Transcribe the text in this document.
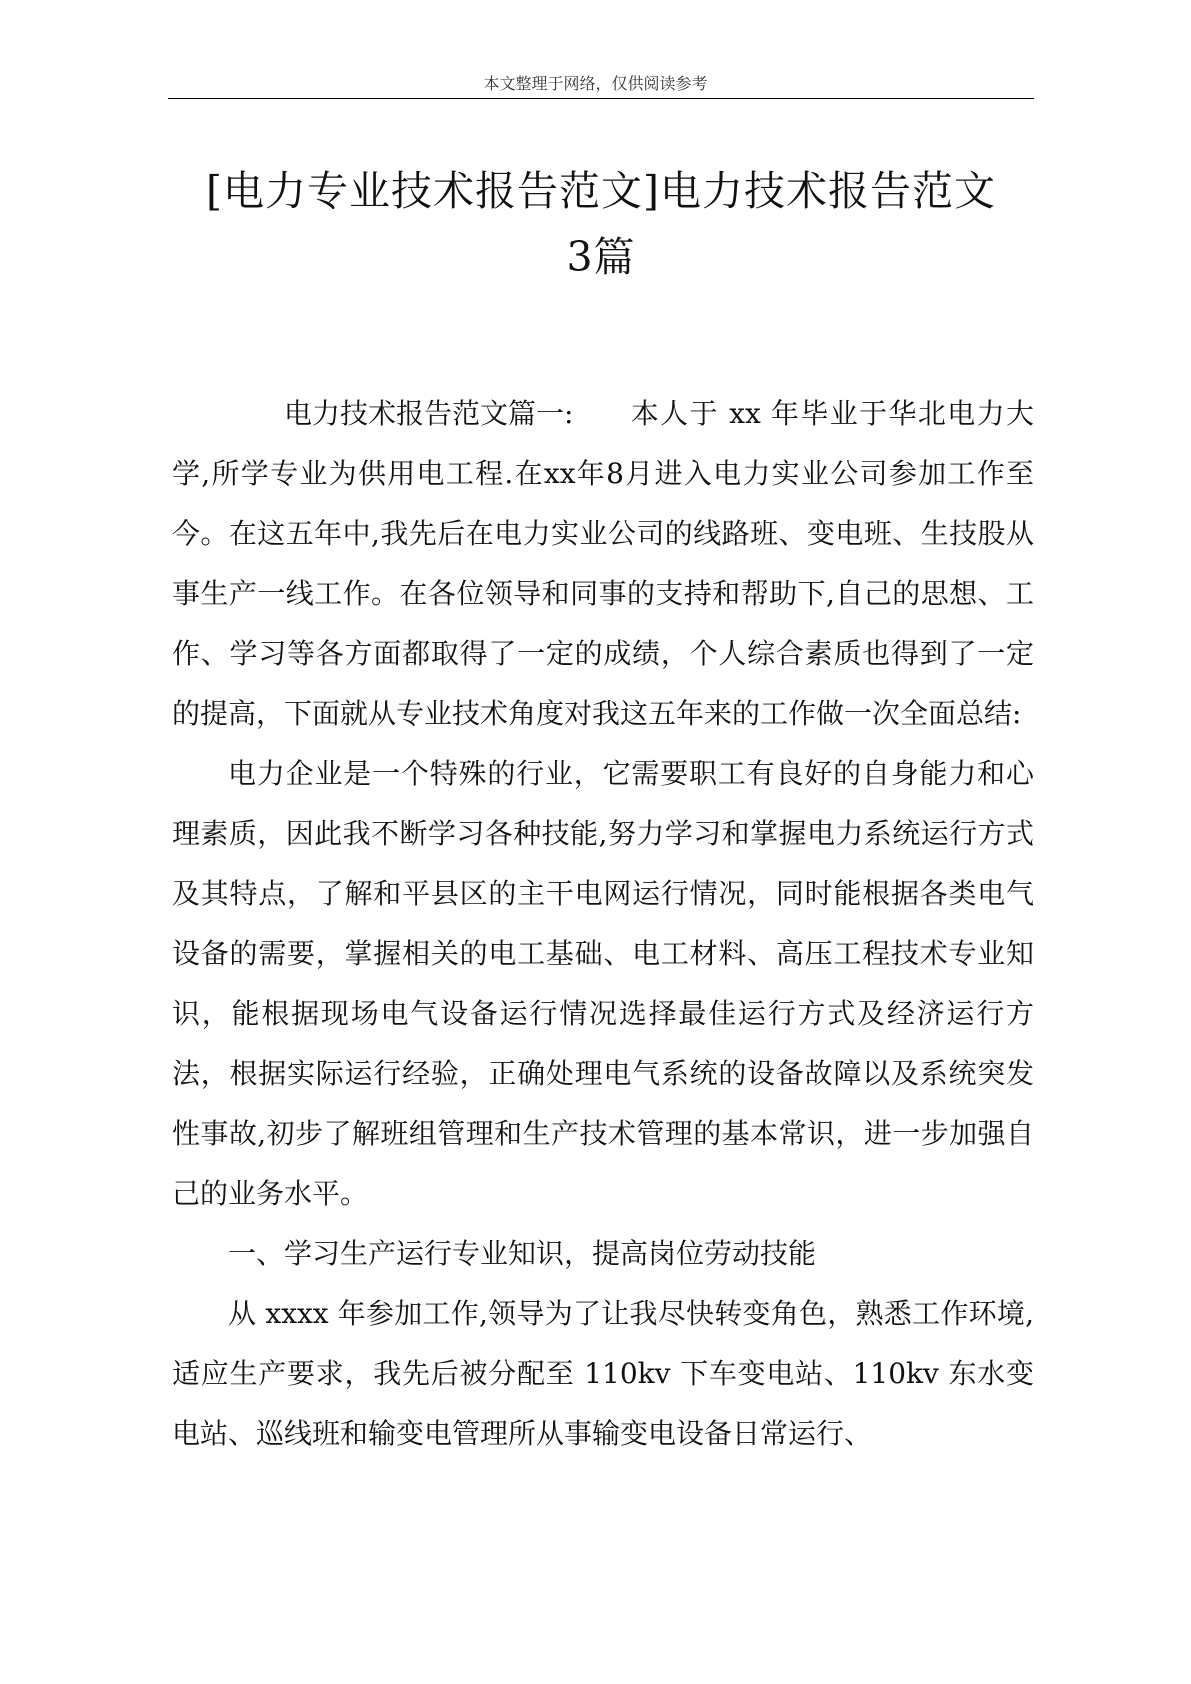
本文整理于网络，仅供阅读参考
[电力专业技术报告范文]电力技术报告范文
3篇

电力技术报告范文篇一: 本人于 xx 年毕业于华北电力大学,所学专业为供用电工程.在xx年8月进入电力实业公司参加工作至今。在这五年中,我先后在电力实业公司的线路班、变电班、生技股从事生产一线工作。在各位领导和同事的支持和帮助下,自己的思想、工作、学习等各方面都取得了一定的成绩，个人综合素质也得到了一定的提高，下面就从专业技术角度对我这五年来的工作做一次全面总结:

电力企业是一个特殊的行业，它需要职工有良好的自身能力和心理素质，因此我不断学习各种技能,努力学习和掌握电力系统运行方式及其特点，了解和平县区的主干电网运行情况，同时能根据各类电气设备的需要，掌握相关的电工基础、电工材料、高压工程技术专业知识，能根据现场电气设备运行情况选择最佳运行方式及经济运行方法，根据实际运行经验，正确处理电气系统的设备故障以及系统突发性事故,初步了解班组管理和生产技术管理的基本常识，进一步加强自己的业务水平。

一、学习生产运行专业知识，提高岗位劳动技能

从 xxxx 年参加工作,领导为了让我尽快转变角色，熟悉工作环境,适应生产要求，我先后被分配至 110kv 下车变电站、110kv 东水变电站、巡线班和输变电管理所从事输变电设备日常运行、
